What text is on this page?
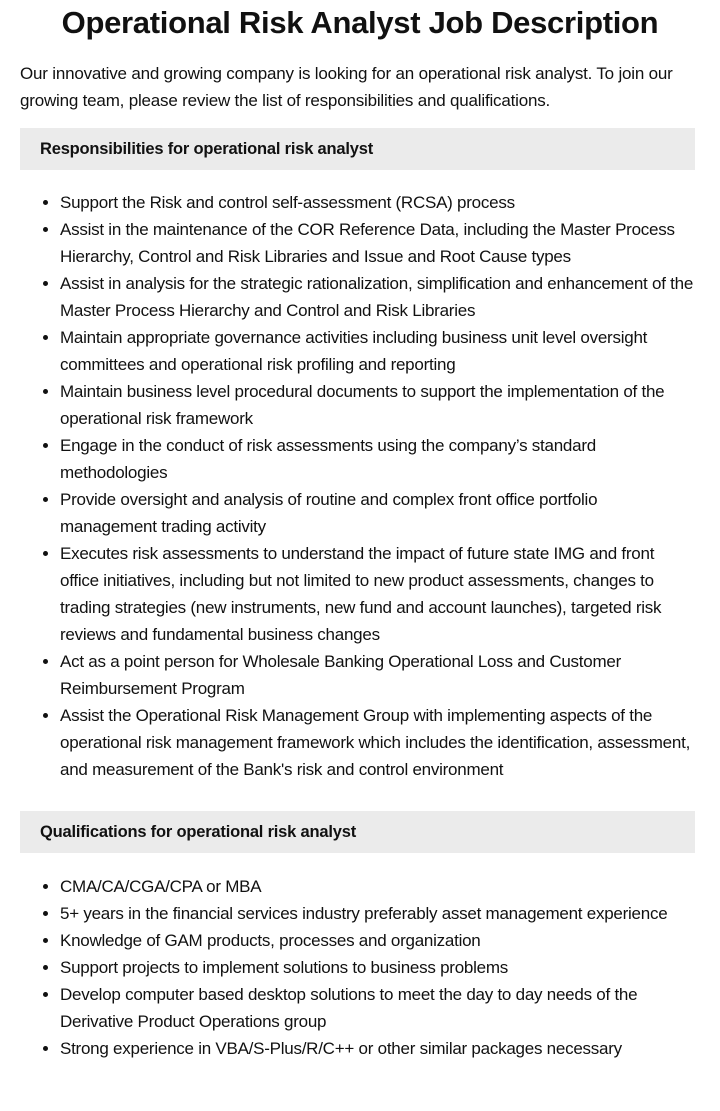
Operational Risk Analyst Job Description

Our innovative and growing company is looking for an operational risk analyst. To join our growing team, please review the list of responsibilities and qualifications.

Responsibilities for operational risk analyst
• Support the Risk and control self-assessment (RCSA) process
• Assist in the maintenance of the COR Reference Data, including the Master Process Hierarchy, Control and Risk Libraries and Issue and Root Cause types
• Assist in analysis for the strategic rationalization, simplification and enhancement of the Master Process Hierarchy and Control and Risk Libraries
• Maintain appropriate governance activities including business unit level oversight committees and operational risk profiling and reporting
• Maintain business level procedural documents to support the implementation of the operational risk framework
• Engage in the conduct of risk assessments using the company’s standard methodologies
• Provide oversight and analysis of routine and complex front office portfolio management trading activity
• Executes risk assessments to understand the impact of future state IMG and front office initiatives, including but not limited to new product assessments, changes to trading strategies (new instruments, new fund and account launches), targeted risk reviews and fundamental business changes
• Act as a point person for Wholesale Banking Operational Loss and Customer Reimbursement Program
• Assist the Operational Risk Management Group with implementing aspects of the operational risk management framework which includes the identification, assessment, and measurement of the Bank's risk and control environment
Qualifications for operational risk analyst
• CMA/CA/CGA/CPA or MBA
• 5+ years in the financial services industry preferably asset management experience
• Knowledge of GAM products, processes and organization
• Support projects to implement solutions to business problems
• Develop computer based desktop solutions to meet the day to day needs of the Derivative Product Operations group
• Strong experience in VBA/S-Plus/R/C++ or other similar packages necessary
